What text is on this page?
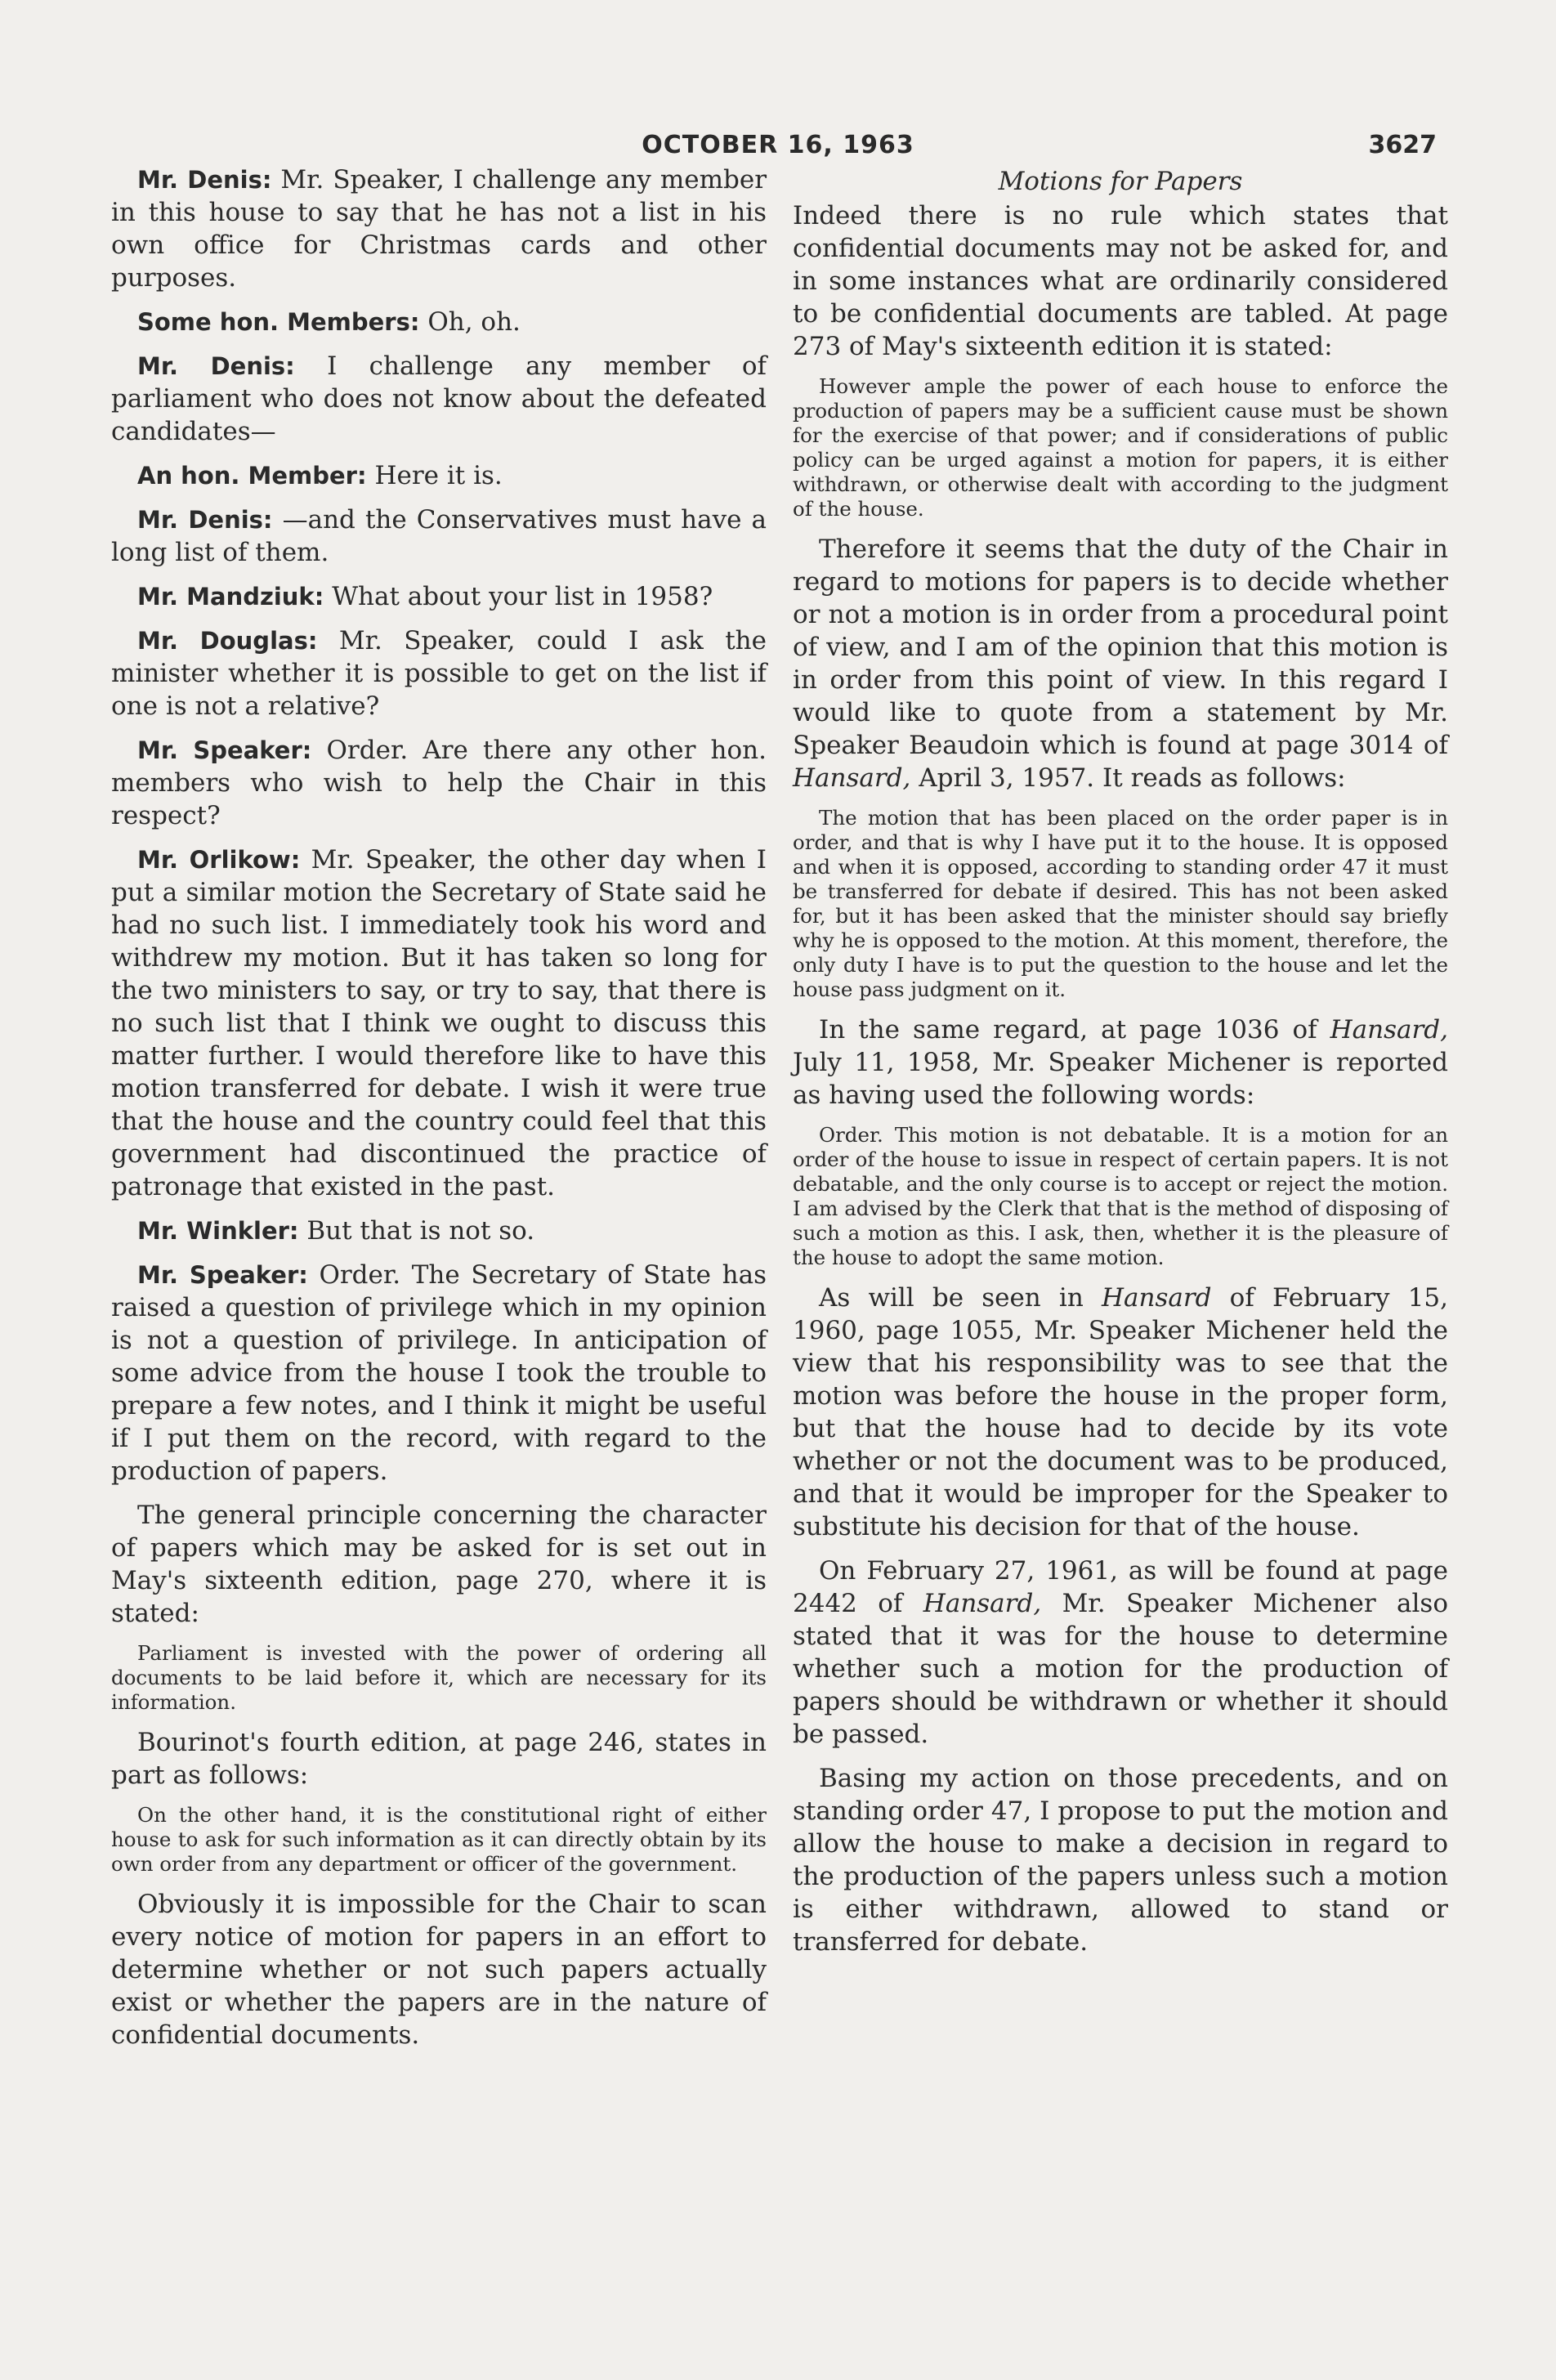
OCTOBER 16, 1963	3627

Mr. Denis: Mr. Speaker, I challenge any member in this house to say that he has not a list in his own office for Christmas cards and other purposes.

Some hon. Members: Oh, oh.

Mr. Denis: I challenge any member of parliament who does not know about the defeated candidates—

An hon. Member: Here it is.

Mr. Denis: —and the Conservatives must have a long list of them.

Mr. Mandziuk: What about your list in 1958?

Mr. Douglas: Mr. Speaker, could I ask the minister whether it is possible to get on the list if one is not a relative?

Mr. Speaker: Order. Are there any other hon. members who wish to help the Chair in this respect?

Mr. Orlikow: Mr. Speaker, the other day when I put a similar motion the Secretary of State said he had no such list. I immediately took his word and withdrew my motion. But it has taken so long for the two ministers to say, or try to say, that there is no such list that I think we ought to discuss this matter further. I would therefore like to have this motion transferred for debate. I wish it were true that the house and the country could feel that this government had discontinued the practice of patronage that existed in the past.

Mr. Winkler: But that is not so.

Mr. Speaker: Order. The Secretary of State has raised a question of privilege which in my opinion is not a question of privilege. In anticipation of some advice from the house I took the trouble to prepare a few notes, and I think it might be useful if I put them on the record, with regard to the production of papers.

The general principle concerning the character of papers which may be asked for is set out in May's sixteenth edition, page 270, where it is stated:

Parliament is invested with the power of ordering all documents to be laid before it, which are necessary for its information.

Bourinot's fourth edition, at page 246, states in part as follows:

On the other hand, it is the constitutional right of either house to ask for such information as it can directly obtain by its own order from any department or officer of the government.

Obviously it is impossible for the Chair to scan every notice of motion for papers in an effort to determine whether or not such papers actually exist or whether the papers are in the nature of confidential documents.

Motions for Papers

Indeed there is no rule which states that confidential documents may not be asked for, and in some instances what are ordinarily considered to be confidential documents are tabled. At page 273 of May's sixteenth edition it is stated:

However ample the power of each house to enforce the production of papers may be a sufficient cause must be shown for the exercise of that power; and if considerations of public policy can be urged against a motion for papers, it is either withdrawn, or otherwise dealt with according to the judgment of the house.

Therefore it seems that the duty of the Chair in regard to motions for papers is to decide whether or not a motion is in order from a procedural point of view, and I am of the opinion that this motion is in order from this point of view. In this regard I would like to quote from a statement by Mr. Speaker Beaudoin which is found at page 3014 of Hansard, April 3, 1957. It reads as follows:

The motion that has been placed on the order paper is in order, and that is why I have put it to the house. It is opposed and when it is opposed, according to standing order 47 it must be transferred for debate if desired. This has not been asked for, but it has been asked that the minister should say briefly why he is opposed to the motion. At this moment, therefore, the only duty I have is to put the question to the house and let the house pass judgment on it.

In the same regard, at page 1036 of Hansard, July 11, 1958, Mr. Speaker Michener is reported as having used the following words:

Order. This motion is not debatable. It is a motion for an order of the house to issue in respect of certain papers. It is not debatable, and the only course is to accept or reject the motion. I am advised by the Clerk that that is the method of disposing of such a motion as this. I ask, then, whether it is the pleasure of the house to adopt the same motion.

As will be seen in Hansard of February 15, 1960, page 1055, Mr. Speaker Michener held the view that his responsibility was to see that the motion was before the house in the proper form, but that the house had to decide by its vote whether or not the document was to be produced, and that it would be improper for the Speaker to substitute his decision for that of the house.

On February 27, 1961, as will be found at page 2442 of Hansard, Mr. Speaker Michener also stated that it was for the house to determine whether such a motion for the production of papers should be withdrawn or whether it should be passed.

Basing my action on those precedents, and on standing order 47, I propose to put the motion and allow the house to make a decision in regard to the production of the papers unless such a motion is either withdrawn, allowed to stand or transferred for debate.
